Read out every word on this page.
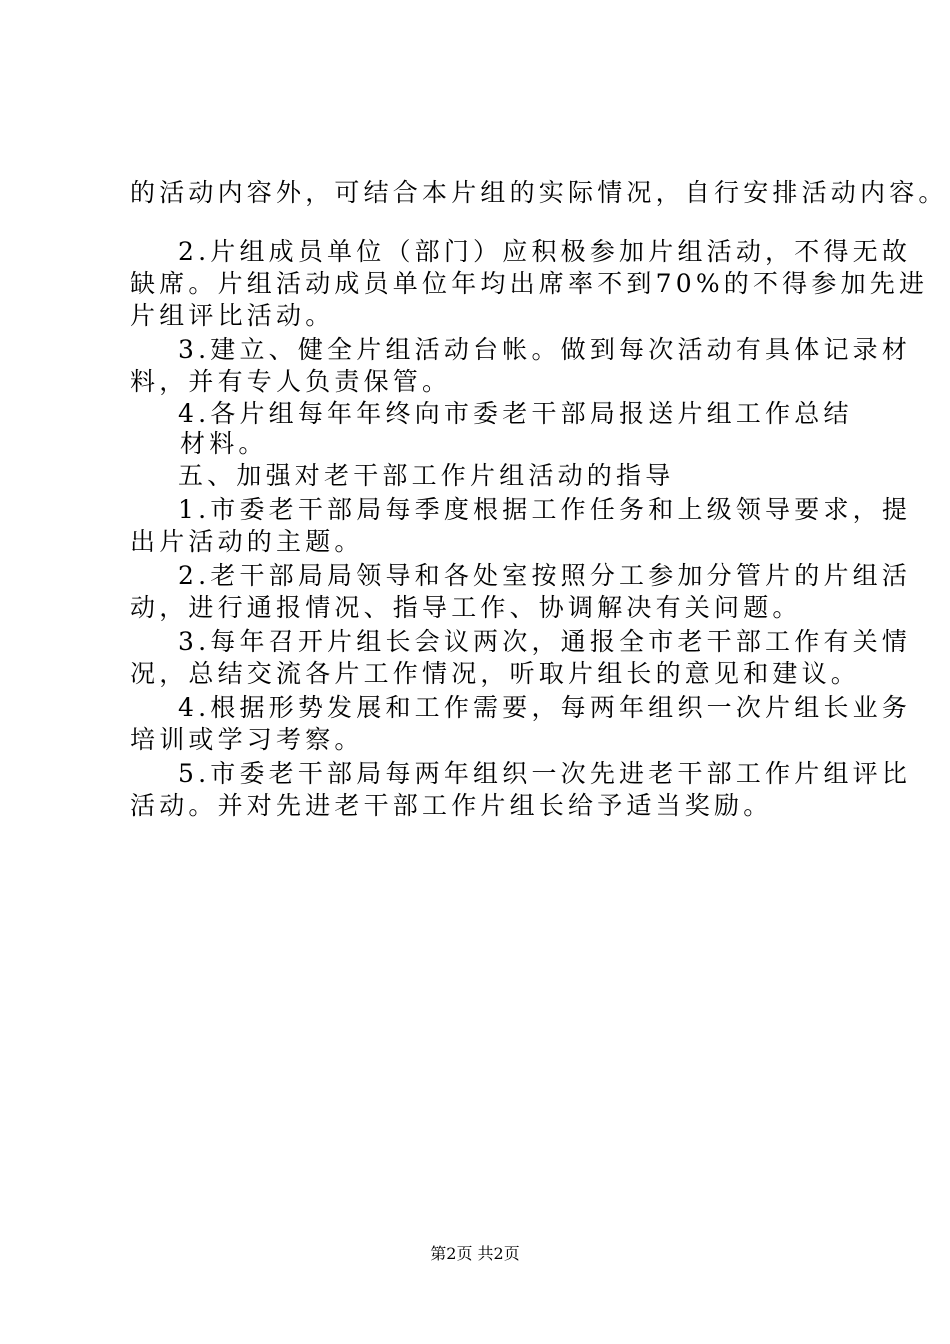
的活动内容外，可结合本片组的实际情况，自行安排活动内容。
2.片组成员单位（部门）应积极参加片组活动，不得无故
缺席。片组活动成员单位年均出席率不到70%的不得参加先进
片组评比活动。
3.建立、健全片组活动台帐。做到每次活动有具体记录材
料，并有专人负责保管。
4.各片组每年年终向市委老干部局报送片组工作总结
材料。
五、加强对老干部工作片组活动的指导
1.市委老干部局每季度根据工作任务和上级领导要求，提
出片活动的主题。
2.老干部局局领导和各处室按照分工参加分管片的片组活
动，进行通报情况、指导工作、协调解决有关问题。
3.每年召开片组长会议两次，通报全市老干部工作有关情
况，总结交流各片工作情况，听取片组长的意见和建议。
4.根据形势发展和工作需要，每两年组织一次片组长业务
培训或学习考察。
5.市委老干部局每两年组织一次先进老干部工作片组评比
活动。并对先进老干部工作片组长给予适当奖励。
第2页 共2页
